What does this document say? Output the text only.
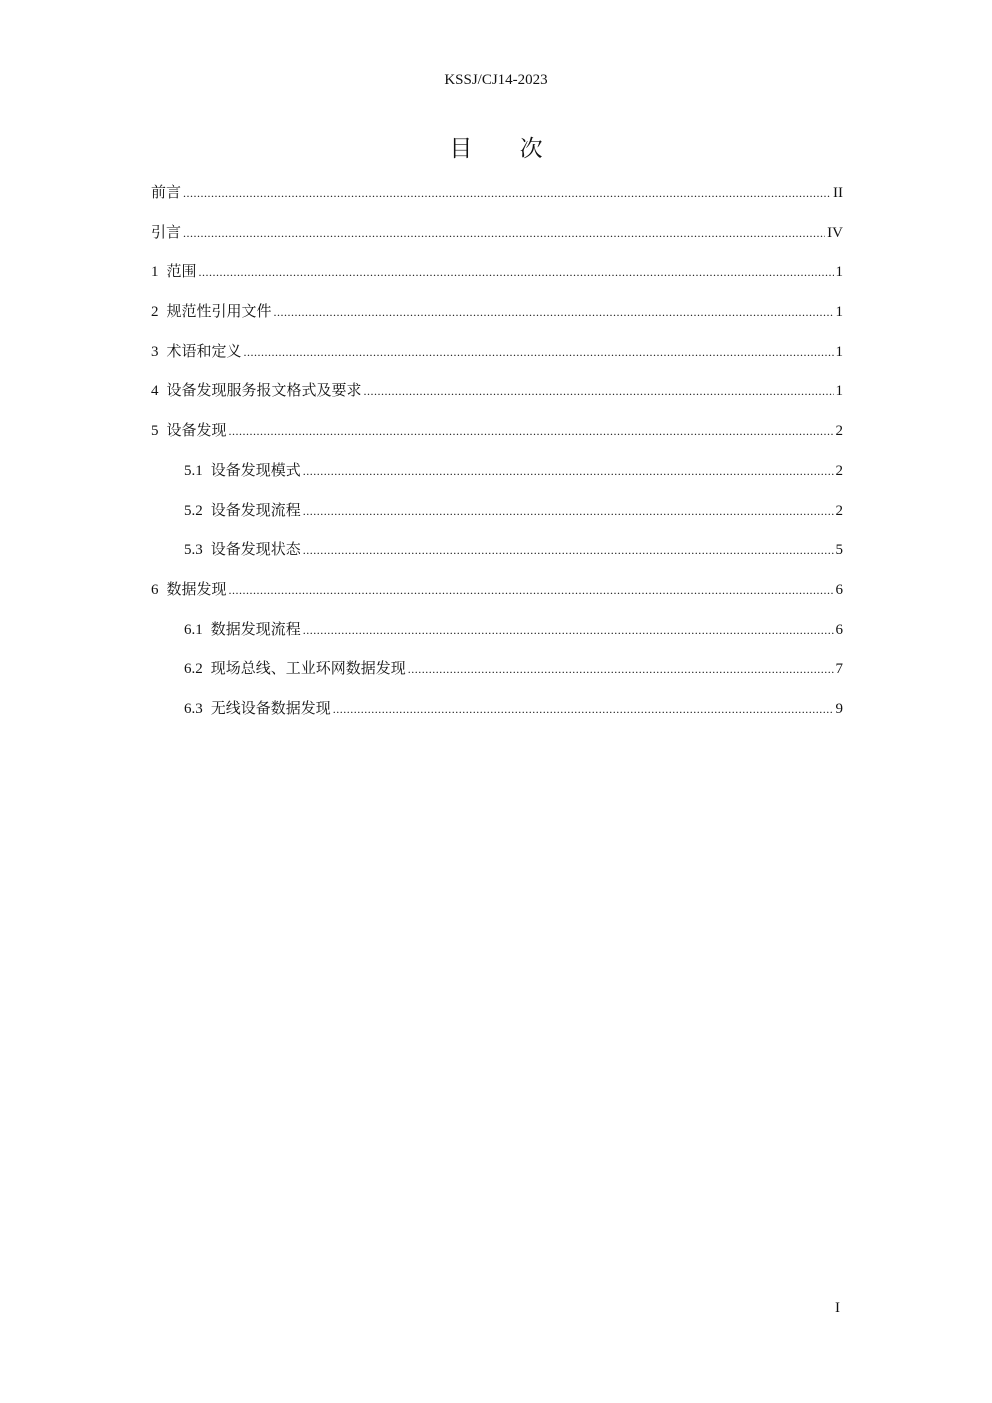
KSSJ/CJ14-2023
目 次
前言 .....	II
引言 .....	IV
1 范围 .....	1
2 规范性引用文件 .....	1
3 术语和定义 .....	1
4 设备发现服务报文格式及要求 .....	1
5 设备发现 .....	2
5.1 设备发现模式 .....	2
5.2 设备发现流程 .....	2
5.3 设备发现状态 .....	5
6 数据发现 .....	6
6.1 数据发现流程 .....	6
6.2 现场总线、工业环网数据发现 .....	7
6.3 无线设备数据发现 .....	9
I
